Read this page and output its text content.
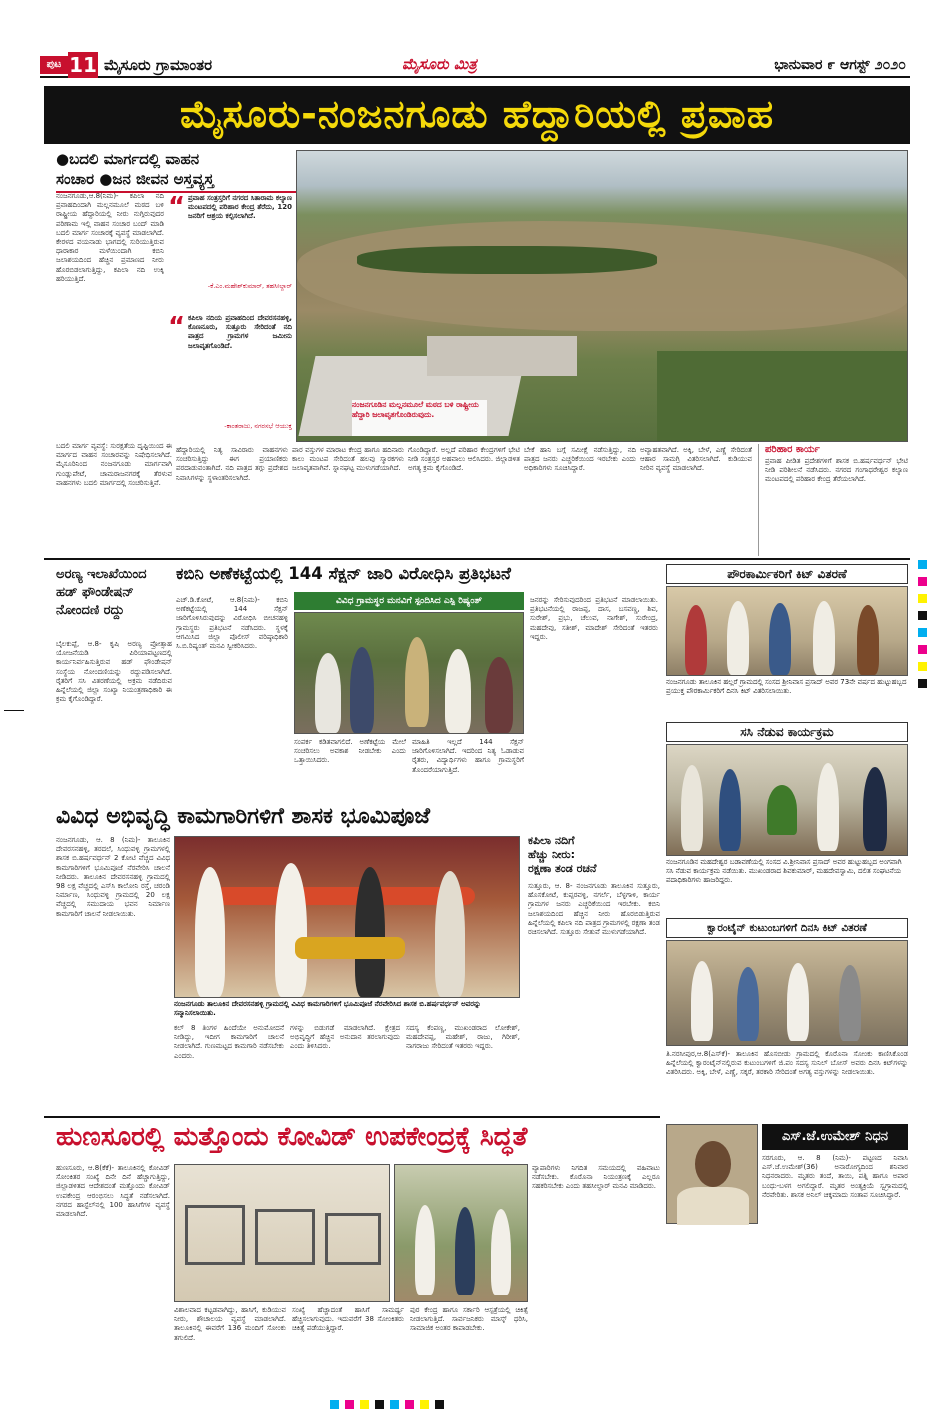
ಪುಟ 11 ಮೈಸೂರು ಗ್ರಾಮಾಂತರ	ಮೈಸೂರು ಮಿತ್ರ	ಭಾನುವಾರ ೯ ಆಗಸ್ಟ್ ೨೦೨೦
ಮೈಸೂರು-ನಂಜನಗೂಡು ಹೆದ್ದಾರಿಯಲ್ಲಿ ಪ್ರವಾಹ
●ಬದಲಿ ಮಾರ್ಗದಲ್ಲಿ ವಾಹನ
ಸಂಚಾರ ●ಜನ ಜೀವನ ಅಸ್ತವ್ಯಸ್ತ
ನಂಜನಗೂಡಿನ ಮಲ್ಲನಮೂಲೆ ಮಠದ ಬಳಿ ರಾಷ್ಟ್ರೀಯ ಹೆದ್ದಾರಿ ಜಲಾವೃತಗೊಂಡಿರುವುದು.
ನಂಜನಗೂಡು,ಆ.8(ನಿಮ)- ಕಪಿಲಾ ನದಿ ಪ್ರವಾಹದಿಂದಾಗಿ ಮಲ್ಲನಮೂಲೆ ಮಠದ ಬಳಿ ರಾಷ್ಟ್ರೀಯ ಹೆದ್ದಾರಿಯಲ್ಲಿ ನೀರು ನುಗ್ಗಿರುವುದರ ಪರಿಣಾಮ ಇಲ್ಲಿ ವಾಹನ ಸಂಚಾರ ಬಂದ್ ಮಾಡಿ ಬದಲಿ ಮಾರ್ಗ ಸಂಚಾರಕ್ಕೆ ವ್ಯವಸ್ಥೆ ಮಾಡಲಾಗಿದೆ. ಕೇರಳದ ವಯನಾಡು ಭಾಗದಲ್ಲಿ ಸುರಿಯುತ್ತಿರುವ ಧಾರಾಕಾರ ಮಳೆಯಿಂದಾಗಿ ಕಬಿನಿ ಜಲಾಶಯದಿಂದ ಹೆಚ್ಚಿನ ಪ್ರಮಾಣದ ನೀರು ಹೊರಬಿಡಲಾಗುತ್ತಿದ್ದು, ಕಪಿಲಾ ನದಿ ಉಕ್ಕಿ ಹರಿಯುತ್ತಿದೆ.
“ ಪ್ರವಾಹ ಸಂತ್ರಸ್ತರಿಗೆ ನಗರದ ಸಿತಾರಾಮ ಕಲ್ಯಾಣ ಮಂಟಪದಲ್ಲಿ ಪರಿಹಾರ ಕೇಂದ್ರ ತೆರೆದು, 120 ಜನರಿಗೆ ಆಶ್ರಯ ಕಲ್ಪಿಸಲಾಗಿದೆ.
-ಕೆ.ಎಂ.ಮಹೇಶ್‌ಕುಮಾರ್, ತಹಸೀಲ್ದಾರ್
“ ಕಪಿಲಾ ನದಿಯ ಪ್ರವಾಹದಿಂದ ದೇವರಸನಹಳ್ಳಿ, ಕೊಣನೂರು, ಸುತ್ತೂರು ಸೇರಿದಂತೆ ನದಿ ಪಾತ್ರದ ಗ್ರಾಮಗಳ ಜಮೀನು ಜಲಾವೃತಗೊಂಡಿದೆ.
-ಕಾಂತರಾಜು, ನಗರಸಭೆ ಆಯುಕ್ತ
ಬದಲಿ ಮಾರ್ಗ ವ್ಯವಸ್ಥೆ: ಸುರಕ್ಷತೆಯ ದೃಷ್ಟಿಯಿಂದ ಈ ಮಾರ್ಗದ ವಾಹನ ಸಂಚಾರವನ್ನು ನಿಷೇಧಿಸಲಾಗಿದೆ. ಮೈಸೂರಿನಿಂದ ನಂಜನಗೂಡು ಮಾರ್ಗವಾಗಿ ಗುಂಡ್ಲುಪೇಟೆ, ಚಾಮರಾಜನಗರಕ್ಕೆ ತೆರಳುವ ವಾಹನಗಳು ಬದಲಿ ಮಾರ್ಗದಲ್ಲಿ ಸಂಚರಿಸುತ್ತಿವೆ.
ಹೆದ್ದಾರಿಯಲ್ಲಿ ನಿತ್ಯ ಸಾವಿರಾರು ವಾಹನಗಳು ಸಂಚರಿಸುತ್ತಿದ್ದು ಈಗ ಪ್ರಯಾಣಿಕರು ಪರದಾಡುವಂತಾಗಿದೆ. ನದಿ ಪಾತ್ರದ ತಗ್ಗು ಪ್ರದೇಶದ ನಿವಾಸಿಗಳನ್ನು ಸ್ಥಳಾಂತರಿಸಲಾಗಿದೆ.
ಪಾರ ವಸ್ತುಗಳ ಮಾರಾಟ ಕೇಂದ್ರ ಹಾಗೂ ಹದಿನಾರು ಕಾಲು ಮಂಟಪ ಸೇರಿದಂತೆ ಹಲವು ಸ್ಮಾರಕಗಳು ಜಲಾವೃತವಾಗಿವೆ. ಸ್ನಾನಘಟ್ಟ ಮುಳುಗಡೆಯಾಗಿದೆ.
ಗೊಂಡಿದ್ದಾರೆ. ಅಲ್ಲದೆ ಪರಿಹಾರ ಕೇಂದ್ರಗಳಿಗೆ ಭೇಟಿ ನೀಡಿ ಸಂತ್ರಸ್ತರ ಅಹವಾಲು ಆಲಿಸಿದರು. ಜಿಲ್ಲಾಡಳಿತ ಅಗತ್ಯ ಕ್ರಮ ಕೈಗೊಂಡಿದೆ.
ಬೇಕೆ ಹಾನಿ ಬಗ್ಗೆ ಸಮೀಕ್ಷೆ ನಡೆಸುತ್ತಿದ್ದು, ನದಿ ಪಾತ್ರದ ಜನರು ಎಚ್ಚರಿಕೆಯಿಂದ ಇರಬೇಕು ಎಂದು ಅಧಿಕಾರಿಗಳು ಸೂಚಿಸಿದ್ದಾರೆ.
ಅವ್ಯಾಹತವಾಗಿದೆ. ಅಕ್ಕಿ, ಬೇಳೆ, ಎಣ್ಣೆ ಸೇರಿದಂತೆ ಆಹಾರ ಸಾಮಗ್ರಿ ವಿತರಿಸಲಾಗಿದೆ. ಕುಡಿಯುವ ನೀರಿನ ವ್ಯವಸ್ಥೆ ಮಾಡಲಾಗಿದೆ.
ಪರಿಹಾರ ಕಾರ್ಯ
ಪ್ರವಾಹ ಪೀಡಿತ ಪ್ರದೇಶಗಳಿಗೆ ಶಾಸಕ ಬಿ.ಹರ್ಷವರ್ಧನ್ ಭೇಟಿ ನೀಡಿ ಪರಿಶೀಲನೆ ನಡೆಸಿದರು. ನಗರದ ಗಂಗಾಧರೇಶ್ವರ ಕಲ್ಯಾಣ ಮಂಟಪದಲ್ಲಿ ಪರಿಹಾರ ಕೇಂದ್ರ ತೆರೆಯಲಾಗಿದೆ.
ಅರಣ್ಯ ಇಲಾಖೆಯಿಂದ ಹಡ್ ಫೌಂಡೇಷನ್ ನೋಂದಣಿ ರದ್ದು
ಬೈಲಕುಪ್ಪೆ, ಆ.8- ಕೃಷಿ ಅರಣ್ಯ ಪ್ರೋತ್ಸಾಹ ಯೋಜನೆಯಡಿ ಪಿರಿಯಾಪಟ್ಟಣದಲ್ಲಿ ಕಾರ್ಯನಿರ್ವಹಿಸುತ್ತಿರುವ ಹಡ್ ಫೌಂಡೇಷನ್ ಸಂಸ್ಥೆಯ ನೋಂದಣಿಯನ್ನು ರದ್ದುಪಡಿಸಲಾಗಿದೆ. ರೈತರಿಗೆ ಸಸಿ ವಿತರಣೆಯಲ್ಲಿ ಅಕ್ರಮ ನಡೆದಿರುವ ಹಿನ್ನೆಲೆಯಲ್ಲಿ ಜಿಲ್ಲಾ ಸಂಖ್ಯಾ ನಿಯಂತ್ರಣಾಧಿಕಾರಿ ಈ ಕ್ರಮ ಕೈಗೊಂಡಿದ್ದಾರೆ.
ಕಬಿನಿ ಅಣೆಕಟ್ಟೆಯಲ್ಲಿ 144 ಸೆಕ್ಷನ್ ಜಾರಿ ವಿರೋಧಿಸಿ ಪ್ರತಿಭಟನೆ
ವಿವಿಧ ಗ್ರಾಮಸ್ಥರ ಮನವಿಗೆ ಸ್ಪಂದಿಸಿದ ಎಸ್ಪಿ ರಿಷ್ಯಂತ್
ಎಚ್.ಡಿ.ಕೋಟೆ, ಆ.8(ನಿಮ)- ಕಬಿನಿ ಅಣೆಕಟ್ಟೆಯಲ್ಲಿ 144 ಸೆಕ್ಷನ್ ಜಾರಿಗೊಳಿಸಿರುವುದನ್ನು ವಿರೋಧಿಸಿ ಬೀಚನಹಳ್ಳಿ ಗ್ರಾಮಸ್ಥರು ಪ್ರತಿಭಟನೆ ನಡೆಸಿದರು. ಸ್ಥಳಕ್ಕೆ ಆಗಮಿಸಿದ ಜಿಲ್ಲಾ ಪೊಲೀಸ್ ವರಿಷ್ಠಾಧಿಕಾರಿ ಸಿ.ಬಿ.ರಿಷ್ಯಂತ್ ಮನವಿ ಸ್ವೀಕರಿಸಿದರು.
ಸಂಪರ್ಕ ಕಡಿತವಾಗಲಿದೆ. ಅಣೆಕಟ್ಟೆಯ ಮೇಲೆ ಸಂಚರಿಸಲು ಅವಕಾಶ ನೀಡಬೇಕು ಎಂದು ಒತ್ತಾಯಿಸಿದರು.
ಮಾಹಿತಿ ಇಲ್ಲದೆ 144 ಸೆಕ್ಷನ್ ಜಾರಿಗೊಳಿಸಲಾಗಿದೆ. ಇದರಿಂದ ನಿತ್ಯ ಓಡಾಡುವ ರೈತರು, ವಿದ್ಯಾರ್ಥಿಗಳು ಹಾಗೂ ಗ್ರಾಮಸ್ಥರಿಗೆ ತೊಂದರೆಯಾಗುತ್ತಿದೆ.
ಜನರನ್ನು ಸೇರಿಸುವುದರಿಂದ ಪ್ರತಿಭಟನೆ ಮಾಡಲಾಯಿತು. ಪ್ರತಿಭಟನೆಯಲ್ಲಿ ರಾಜಪ್ಪ, ದಾಸ, ಬಸವಣ್ಣ, ಶಿವ, ಸುರೇಶ್, ಪ್ರಭು, ಚೆಲುವ, ನಾಗೇಶ್, ಸುರೇಂದ್ರ, ಮಹದೇವು, ಸತೀಶ್, ಮಾದೇಶ್ ಸೇರಿದಂತೆ ಇತರರು ಇದ್ದರು.
ಪೌರಕಾರ್ಮಿಕರಿಗೆ ಕಿಟ್ ವಿತರಣೆ
ನಂಜನಗೂಡು ತಾಲೂಕಿನ ಹಲ್ಲರೆ ಗ್ರಾಮದಲ್ಲಿ ಸಂಸದ ಶ್ರೀನಿವಾಸ ಪ್ರಸಾದ್ ಅವರ 73ನೇ ವರ್ಷದ ಹುಟ್ಟುಹಬ್ಬದ ಪ್ರಯುಕ್ತ ಪೌರಕಾರ್ಮಿಕರಿಗೆ ದಿನಸಿ ಕಿಟ್ ವಿತರಿಸಲಾಯಿತು.
ಸಸಿ ನೆಡುವ ಕಾರ್ಯಕ್ರಮ
ನಂಜನಗೂಡಿನ ಮಹದೇಶ್ವರ ಬಡಾವಣೆಯಲ್ಲಿ ಸಂಸದ ವಿ.ಶ್ರೀನಿವಾಸ ಪ್ರಸಾದ್ ಅವರ ಹುಟ್ಟುಹಬ್ಬದ ಅಂಗವಾಗಿ ಸಸಿ ನೆಡುವ ಕಾರ್ಯಕ್ರಮ ನಡೆಯಿತು. ಮುಖಂಡರಾದ ಶಿವಕುಮಾರ್, ಮಹದೇವಸ್ವಾಮಿ, ದಲಿತ ಸಂಘಟನೆಯ ಪದಾಧಿಕಾರಿಗಳು ಹಾಜರಿದ್ದರು.
ಕ್ವಾರಂಟೈನ್ ಕುಟುಂಬಗಳಿಗೆ ದಿನಸಿ ಕಿಟ್ ವಿತರಣೆ
ತಿ.ನರಸೀಪುರ,ಆ.8(ಎಸ್‌ಕೆ)- ತಾಲೂಕಿನ ಹೊಸಬೀಡು ಗ್ರಾಮದಲ್ಲಿ ಕೊರೊನಾ ಸೋಂಕು ಕಾಣಿಸಿಕೊಂಡ ಹಿನ್ನೆಲೆಯಲ್ಲಿ ಕ್ವಾರಂಟೈನ್‌ನಲ್ಲಿರುವ ಕುಟುಂಬಗಳಿಗೆ ಜಿ.ಪಂ ಸದಸ್ಯ ಸುನಿಲ್ ಬೋಸ್ ಅವರು ದಿನಸಿ ಕಿಟ್‌ಗಳನ್ನು ವಿತರಿಸಿದರು. ಅಕ್ಕಿ, ಬೇಳೆ, ಎಣ್ಣೆ, ಸಕ್ಕರೆ, ತರಕಾರಿ ಸೇರಿದಂತೆ ಅಗತ್ಯ ವಸ್ತುಗಳನ್ನು ನೀಡಲಾಯಿತು.
ವಿವಿಧ ಅಭಿವೃದ್ಧಿ ಕಾಮಗಾರಿಗಳಿಗೆ ಶಾಸಕ ಭೂಮಿಪೂಜೆ
ನಂಜನಗೂಡು, ಆ. 8 (ನಿಮ)- ತಾಲೂಕಿನ ದೇವರಸನಹಳ್ಳಿ, ತರದಲೆ, ಸಿಂಧುವಳ್ಳಿ ಗ್ರಾಮಗಳಲ್ಲಿ ಶಾಸಕ ಬಿ.ಹರ್ಷವರ್ಧನ್ 2 ಕೋಟಿ ವೆಚ್ಚದ ವಿವಿಧ ಕಾಮಗಾರಿಗಳಿಗೆ ಭೂಮಿಪೂಜೆ ನೆರವೇರಿಸಿ ಚಾಲನೆ ನೀಡಿದರು. ತಾಲೂಕಿನ ದೇವರಸನಹಳ್ಳಿ ಗ್ರಾಮದಲ್ಲಿ 98 ಲಕ್ಷ ವೆಚ್ಚದಲ್ಲಿ ಎಸ್‌ಸಿ ಕಾಲೋನಿ ರಸ್ತೆ, ಚರಂಡಿ ನಿರ್ಮಾಣ, ಸಿಂಧುವಳ್ಳಿ ಗ್ರಾಮದಲ್ಲಿ 20 ಲಕ್ಷ ವೆಚ್ಚದಲ್ಲಿ ಸಮುದಾಯ ಭವನ ನಿರ್ಮಾಣ ಕಾಮಗಾರಿಗೆ ಚಾಲನೆ ನೀಡಲಾಯಿತು.
ನಂಜನಗೂಡು ತಾಲೂಕಿನ ದೇವರಸನಹಳ್ಳಿ ಗ್ರಾಮದಲ್ಲಿ ವಿವಿಧ ಕಾಮಗಾರಿಗಳಿಗೆ ಭೂಮಿಪೂಜೆ ನೆರವೇರಿಸಿದ ಶಾಸಕ ಬಿ.ಹರ್ಷವರ್ಧನ್ ಅವರನ್ನು ಸನ್ಮಾನಿಸಲಾಯಿತು.
ಕಲ್ 8 ತಿಂಗಳ ಹಿಂದೆಯೇ ಅನುಮೋದನೆ ನೀಡಿದ್ದು, ಇದೀಗ ಕಾಮಗಾರಿಗೆ ಚಾಲನೆ ನೀಡಲಾಗಿದೆ. ಗುಣಮಟ್ಟದ ಕಾಮಗಾರಿ ನಡೆಸಬೇಕು ಎಂದರು.
ಗಳನ್ನು ಬಿಡುಗಡೆ ಮಾಡಲಾಗಿದೆ. ಕ್ಷೇತ್ರದ ಅಭಿವೃದ್ಧಿಗೆ ಹೆಚ್ಚಿನ ಅನುದಾನ ತರಲಾಗುವುದು ಎಂದು ತಿಳಿಸಿದರು.
ಸದಸ್ಯ ಕೆಂಪಣ್ಣ, ಮುಖಂಡರಾದ ಲೋಕೇಶ್, ಮಹದೇವಪ್ಪ, ಮಹೇಶ್, ರಾಜು, ಗಿರೀಶ್, ನಾಗರಾಜು ಸೇರಿದಂತೆ ಇತರರು ಇದ್ದರು.
ಕಪಿಲಾ ನದಿಗೆ
ಹೆಚ್ಚು ನೀರು:
ರಕ್ಷಣಾ ತಂಡ ರಚನೆ
ಸುತ್ತೂರು, ಆ. 8- ನಂಜನಗೂಡು ತಾಲೂಕಿನ ಸುತ್ತೂರು, ಹೊಸಕೋಟೆ, ಕುಪ್ಪರವಳ್ಳಿ, ನಗರ್ಲೆ, ಬೆಳ್ಳಗಾಳಿ, ಕಾರ್ಯ ಗ್ರಾಮಗಳ ಜನರು ಎಚ್ಚರಿಕೆಯಿಂದ ಇರಬೇಕು. ಕಬಿನಿ ಜಲಾಶಯದಿಂದ ಹೆಚ್ಚಿನ ನೀರು ಹೊರಬಿಡುತ್ತಿರುವ ಹಿನ್ನೆಲೆಯಲ್ಲಿ ಕಪಿಲಾ ನದಿ ಪಾತ್ರದ ಗ್ರಾಮಗಳಲ್ಲಿ ರಕ್ಷಣಾ ತಂಡ ರಚಿಸಲಾಗಿದೆ. ಸುತ್ತೂರು ಸೇತುವೆ ಮುಳುಗಡೆಯಾಗಿದೆ.
ಹುಣಸೂರಲ್ಲಿ ಮತ್ತೊಂದು ಕೋವಿಡ್ ಉಪಕೇಂದ್ರಕ್ಕೆ ಸಿದ್ಧತೆ
ಹುಣಸೂರು, ಆ.8(ಕೆಕೆ)- ತಾಲೂಕಿನಲ್ಲಿ ಕೋವಿಡ್ ಸೋಂಕಿತರ ಸಂಖ್ಯೆ ದಿನೇ ದಿನೆ ಹೆಚ್ಚಾಗುತ್ತಿದ್ದು, ಜಿಲ್ಲಾಡಳಿತದ ಆದೇಶದಂತೆ ಮತ್ತೊಂದು ಕೋವಿಡ್ ಉಪಕೇಂದ್ರ ಆರಂಭಿಸಲು ಸಿದ್ಧತೆ ನಡೆಸಲಾಗಿದೆ. ನಗರದ ಹಾಸ್ಟೆಲ್‌ನಲ್ಲಿ 100 ಹಾಸಿಗೆಗಳ ವ್ಯವಸ್ಥೆ ಮಾಡಲಾಗಿದೆ.
ವಿಶಾಲವಾದ ಕಟ್ಟಡವಾಗಿದ್ದು, ಹಾಸಿಗೆ, ಕುಡಿಯುವ ನೀರು, ಶೌಚಾಲಯ ವ್ಯವಸ್ಥೆ ಮಾಡಲಾಗಿದೆ. ತಾಲೂಕಿನಲ್ಲಿ ಈವರೆಗೆ 136 ಮಂದಿಗೆ ಸೋಂಕು ತಗುಲಿದೆ.
ಸಂಖ್ಯೆ ಹೆಚ್ಚಾದಂತೆ ಹಾಸಿಗೆ ಸಾಮರ್ಥ್ಯ ಹೆಚ್ಚಿಸಲಾಗುವುದು. ಇದುವರೆಗೆ 38 ಸೋಂಕಿತರು ಚಿಕಿತ್ಸೆ ಪಡೆಯುತ್ತಿದ್ದಾರೆ.
ಪುರ ಕೇಂದ್ರ ಹಾಗೂ ಸರ್ಕಾರಿ ಆಸ್ಪತ್ರೆಯಲ್ಲಿ ಚಿಕಿತ್ಸೆ ನೀಡಲಾಗುತ್ತಿದೆ. ಸಾರ್ವಜನಿಕರು ಮಾಸ್ಕ್ ಧರಿಸಿ, ಸಾಮಾಜಿಕ ಅಂತರ ಕಾಪಾಡಬೇಕು.
ವ್ಯಾಪಾರಿಗಳು ನಿಗದಿತ ಸಮಯದಲ್ಲಿ ವಹಿವಾಟು ನಡೆಸಬೇಕು. ಕೊರೊನಾ ನಿಯಂತ್ರಣಕ್ಕೆ ಎಲ್ಲರೂ ಸಹಕರಿಸಬೇಕು ಎಂದು ತಹಸೀಲ್ದಾರ್ ಮನವಿ ಮಾಡಿದರು.
ಎಸ್.ಜೆ.ಉಮೇಶ್ ನಿಧನ
ಸರಗೂರು, ಆ. 8 (ನಿಮ)- ಪಟ್ಟಣದ ನಿವಾಸಿ ಎಸ್.ಜೆ.ಉಮೇಶ್(36) ಅನಾರೋಗ್ಯದಿಂದ ಶನಿವಾರ ನಿಧನರಾದರು. ಮೃತರು ತಂದೆ, ತಾಯಿ, ಪತ್ನಿ ಹಾಗೂ ಅಪಾರ ಬಂಧು-ಬಳಗ ಅಗಲಿದ್ದಾರೆ. ಮೃತರ ಅಂತ್ಯಕ್ರಿಯೆ ಸ್ವಗ್ರಾಮದಲ್ಲಿ ನೆರವೇರಿತು. ಶಾಸಕ ಅನಿಲ್ ಚಿಕ್ಕಮಾದು ಸಂತಾಪ ಸೂಚಿಸಿದ್ದಾರೆ.
